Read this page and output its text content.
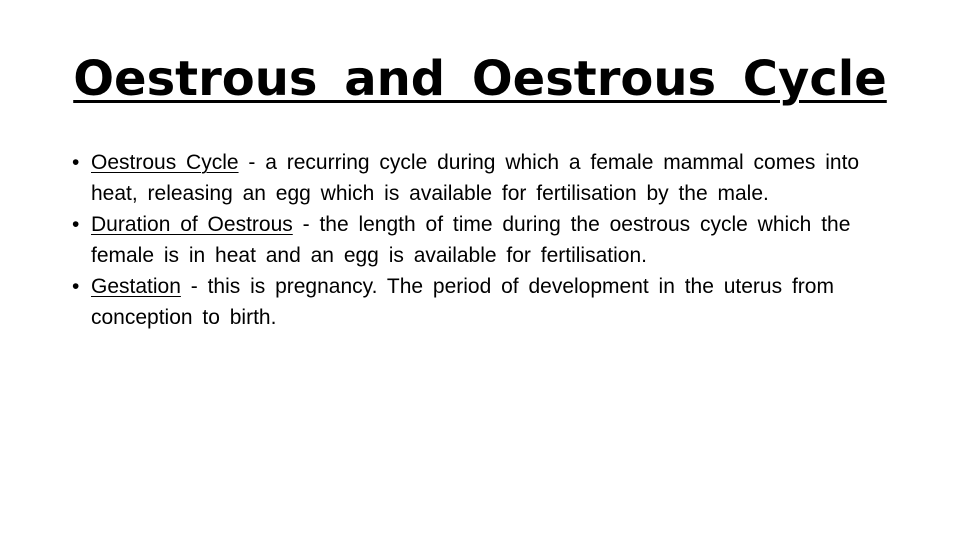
Oestrous and Oestrous Cycle
• Oestrous Cycle - a recurring cycle during which a female mammal comes into heat, releasing an egg which is available for fertilisation by the male.
• Duration of Oestrous - the length of time during the oestrous cycle which the female is in heat and an egg is available for fertilisation.
• Gestation - this is pregnancy. The period of development in the uterus from conception to birth.
